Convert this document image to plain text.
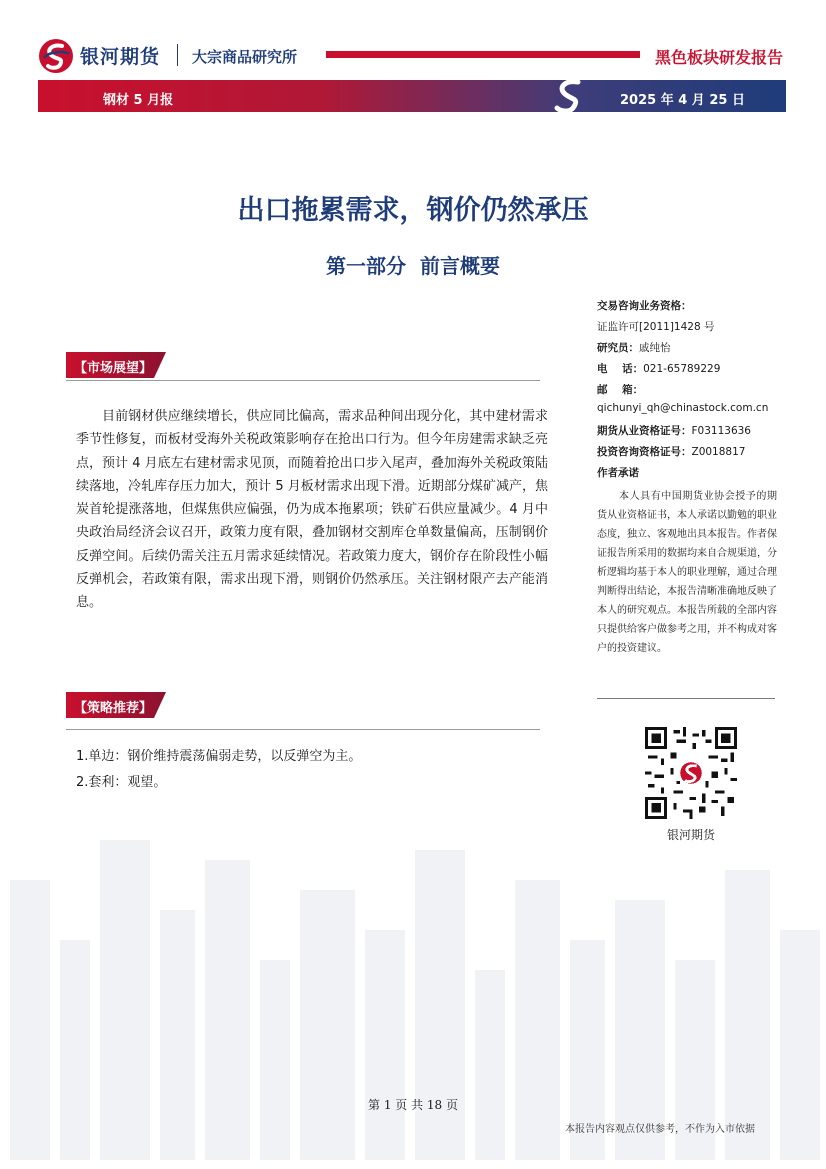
银河期货 大宗商品研究所	黑色板块研发报告
钢材 5 月报	2025 年 4 月 25 日
出口拖累需求，钢价仍然承压
第一部分  前言概要
【市场展望】
目前钢材供应继续增长，供应同比偏高，需求品种间出现分化，其中建材需求季节性修复，而板材受海外关税政策影响存在抢出口行为。但今年房建需求缺乏亮点，预计 4 月底左右建材需求见顶，而随着抢出口步入尾声，叠加海外关税政策陆续落地，冷轧库存压力加大，预计 5 月板材需求出现下滑。近期部分煤矿减产，焦炭首轮提涨落地，但煤焦供应偏强，仍为成本拖累项；铁矿石供应量减少。4 月中央政治局经济会议召开，政策力度有限，叠加钢材交割库仓单数量偏高，压制钢价反弹空间。后续仍需关注五月需求延续情况。若政策力度大，钢价存在阶段性小幅反弹机会，若政策有限，需求出现下滑，则钢价仍然承压。关注钢材限产去产能消息。
【策略推荐】
1.单边：钢价维持震荡偏弱走势，以反弹空为主。
2.套利：观望。
交易咨询业务资格：
证监许可[2011]1428 号
研究员：戚纯怡
电    话：021-65789229
邮    箱：
qichunyi_qh@chinastock.com.cn
期货从业资格证号：F03113636
投资咨询资格证号：Z0018817
作者承诺
本人具有中国期货业协会授予的期货从业资格证书，本人承诺以勤勉的职业态度，独立、客观地出具本报告。作者保证报告所采用的数据均来自合规渠道，分析逻辑均基于本人的职业理解，通过合理判断得出结论，本报告清晰准确地反映了本人的研究观点。本报告所载的全部内容只提供给客户做参考之用，并不构成对客户的投资建议。
银河期货
第 1 页 共 18 页
本报告内容观点仅供参考，不作为入市依据
